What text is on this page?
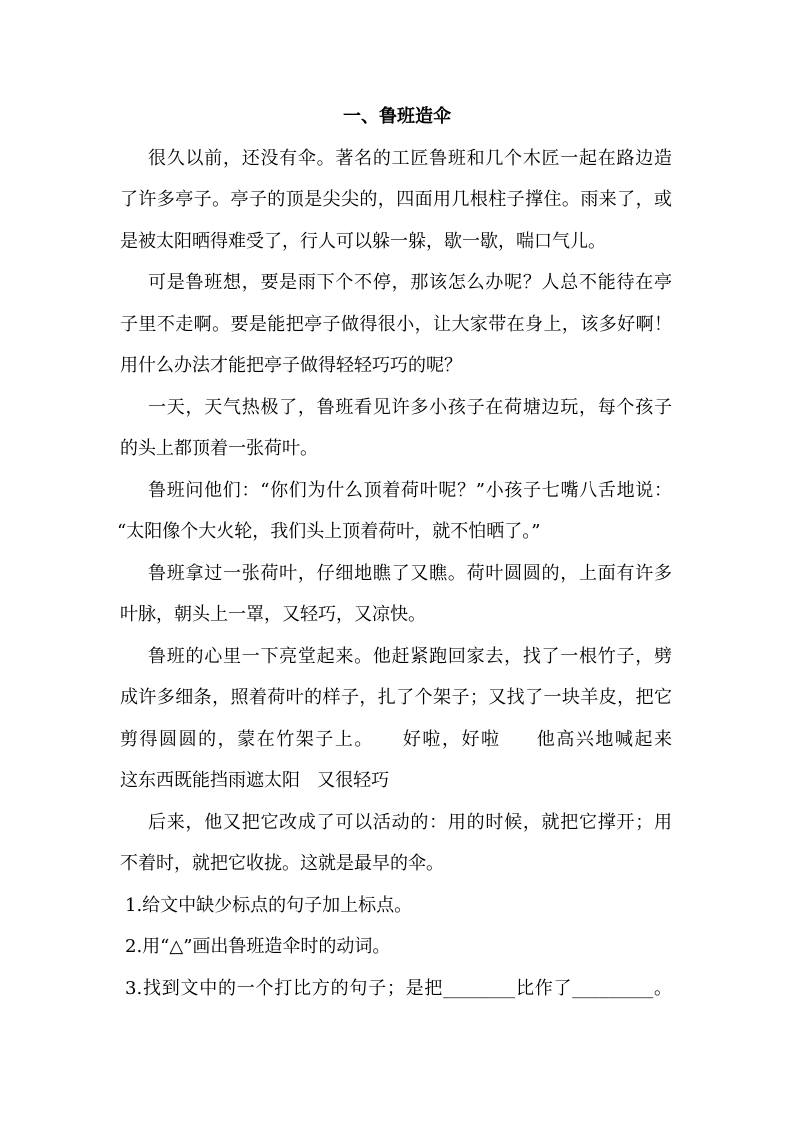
一、鲁班造伞
很久以前，还没有伞。著名的工匠鲁班和几个木匠一起在路边造
了许多亭子。亭子的顶是尖尖的，四面用几根柱子撑住。雨来了，或
是被太阳晒得难受了，行人可以躲一躲，歇一歇，喘口气儿。
可是鲁班想，要是雨下个不停，那该怎么办呢？人总不能待在亭
子里不走啊。要是能把亭子做得很小，让大家带在身上，该多好啊！
用什么办法才能把亭子做得轻轻巧巧的呢？
一天，天气热极了，鲁班看见许多小孩子在荷塘边玩，每个孩子
的头上都顶着一张荷叶。
鲁班问他们：“你们为什么顶着荷叶呢？”小孩子七嘴八舌地说：
“太阳像个大火轮，我们头上顶着荷叶，就不怕晒了。”
鲁班拿过一张荷叶，仔细地瞧了又瞧。荷叶圆圆的，上面有许多
叶脉，朝头上一罩，又轻巧，又凉快。
鲁班的心里一下亮堂起来。他赶紧跑回家去，找了一根竹子，劈
成许多细条，照着荷叶的样子，扎了个架子；又找了一块羊皮，把它
剪得圆圆的，蒙在竹架子上。    好啦，好啦     他高兴地喊起来
这东西既能挡雨遮太阳   又很轻巧
后来，他又把它改成了可以活动的：用的时候，就把它撑开；用
不着时，就把它收拢。这就是最早的伞。
1.给文中缺少标点的句子加上标点。
2.用“△”画出鲁班造伞时的动词。
3.找到文中的一个打比方的句子；是把________比作了_________。
